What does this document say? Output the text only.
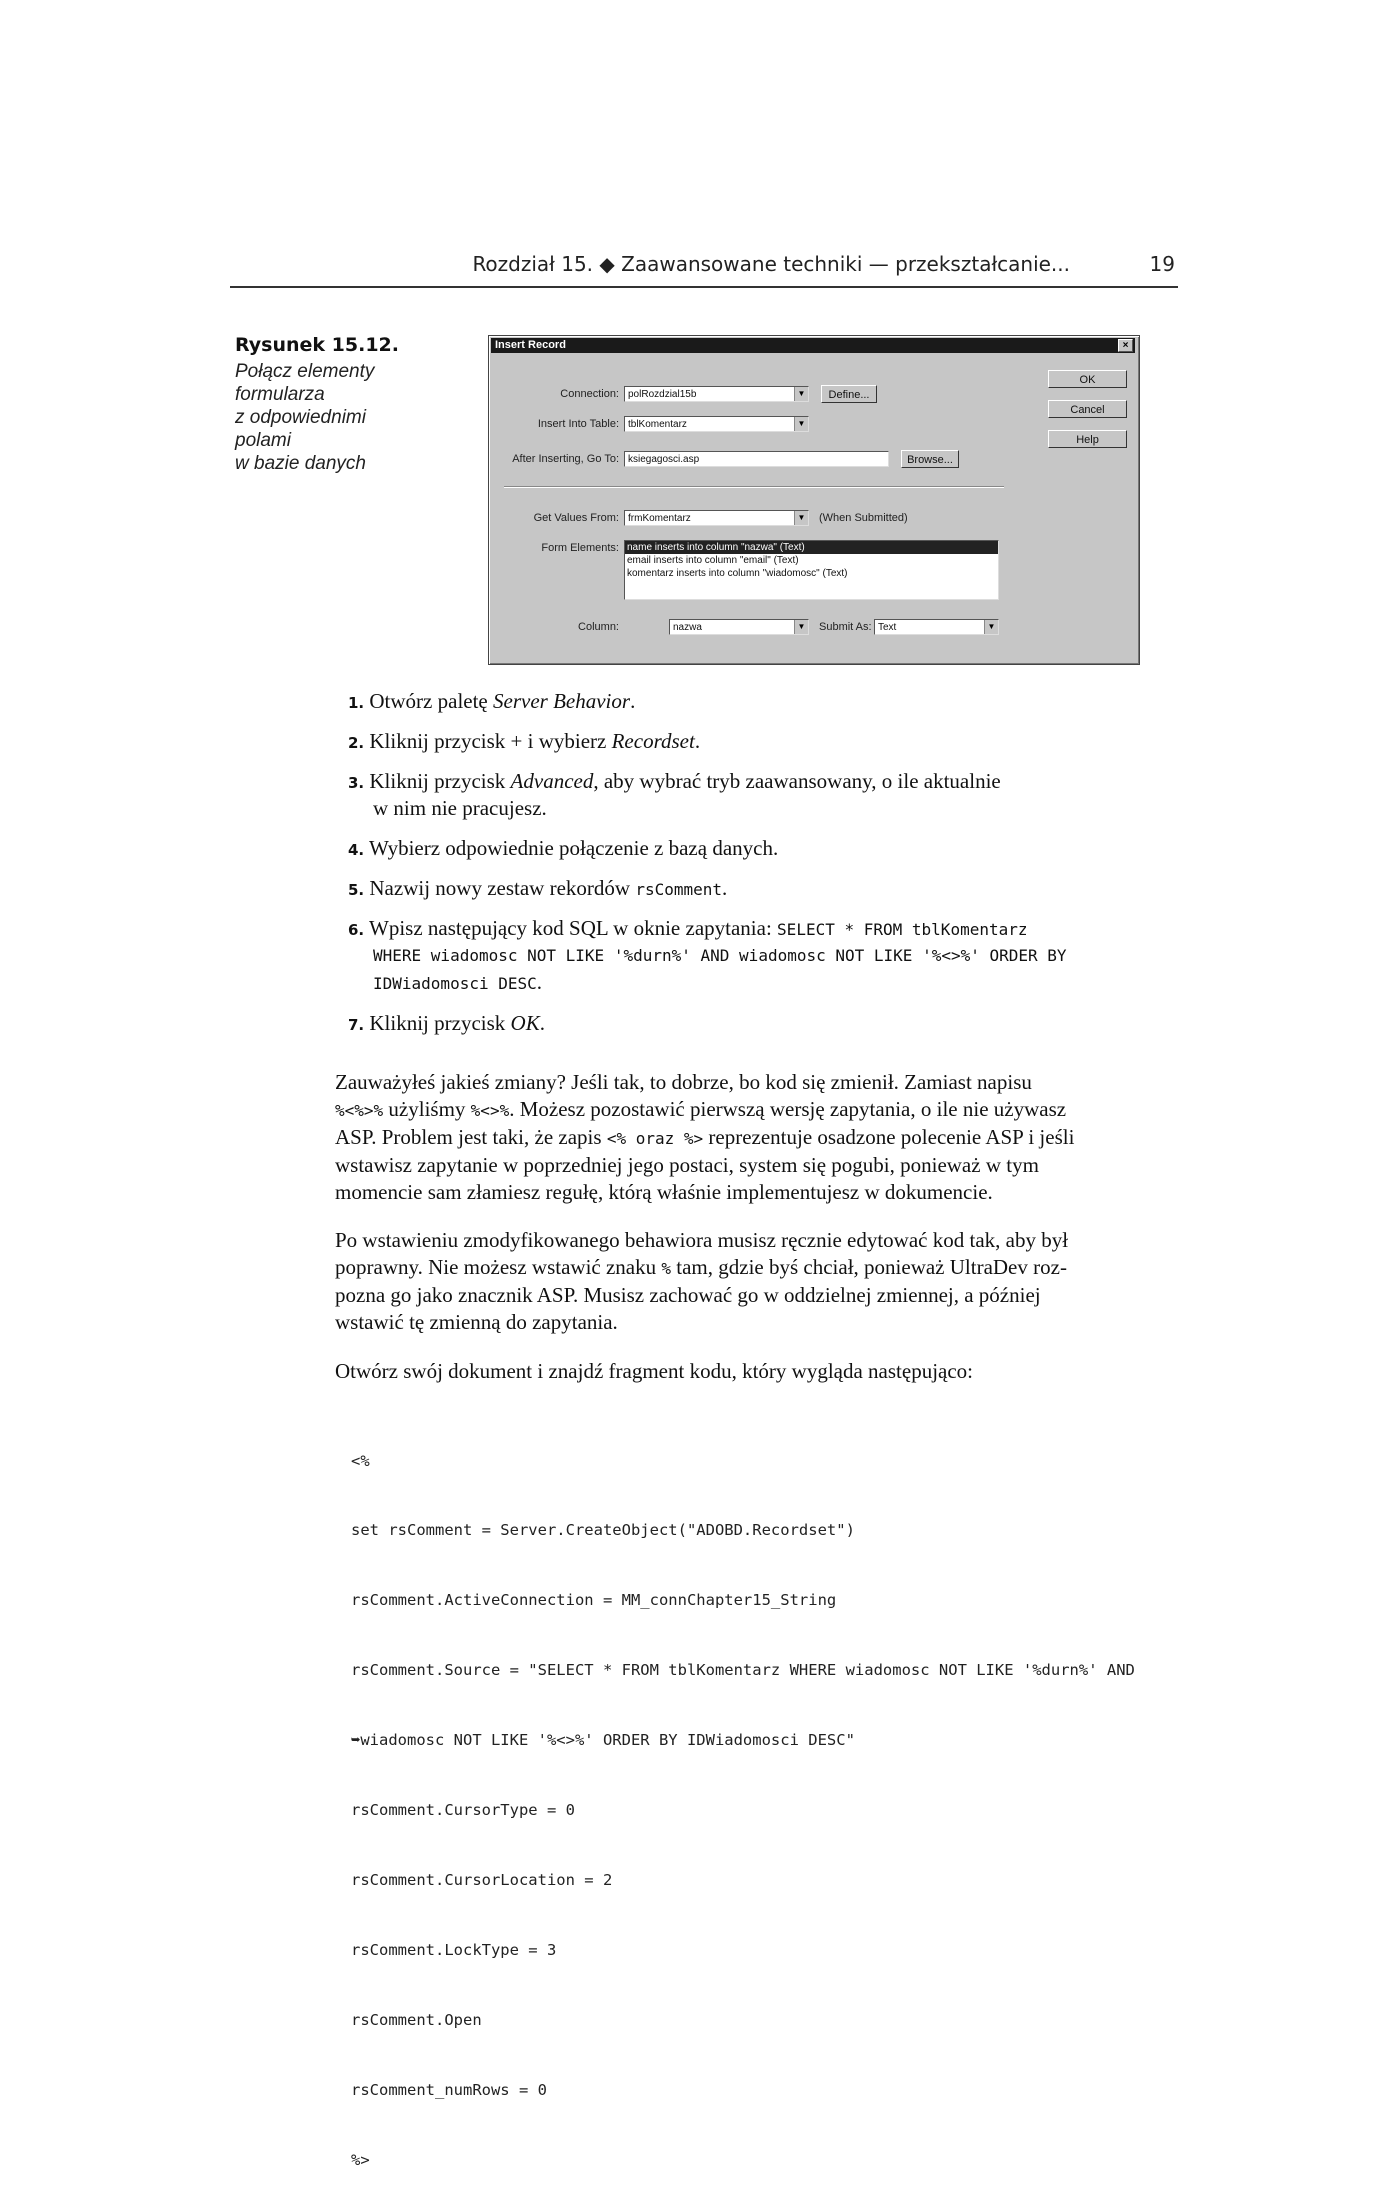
Rozdział 15. ◆ Zaawansowane techniki — przekształcanie...	19
Rysunek 15.12.
Połącz elementy
formularza
z odpowiednimi
polami
w bazie danych
Insert Record	×
Connection: polRozdzial15b	▼	Define...
Insert Into Table: tblKomentarz	▼
After Inserting, Go To: ksiegagosci.asp	Browse...
Get Values From: frmKomentarz	▼ (When Submitted)
Form Elements: name inserts into column "nazwa" (Text)
email inserts into column "email" (Text)
komentarz inserts into column "wiadomosc" (Text)
Column:	nazwa	▼ Submit As: Text	▼
OK
Cancel
Help
1. Otwórz paletę Server Behavior.
2. Kliknij przycisk + i wybierz Recordset.
3. Kliknij przycisk Advanced, aby wybrać tryb zaawansowany, o ile aktualnie
w nim nie pracujesz.
4. Wybierz odpowiednie połączenie z bazą danych.
5. Nazwij nowy zestaw rekordów rsComment.
6. Wpisz następujący kod SQL w oknie zapytania: SELECT * FROM tblKomentarz
WHERE wiadomosc NOT LIKE '%durn%' AND wiadomosc NOT LIKE '%<>%' ORDER BY
IDWiadomosci DESC.
7. Kliknij przycisk OK.
Zauważyłeś jakieś zmiany? Jeśli tak, to dobrze, bo kod się zmienił. Zamiast napisu
%<%>% użyliśmy %<>%. Możesz pozostawić pierwszą wersję zapytania, o ile nie używasz
ASP. Problem jest taki, że zapis <% oraz %> reprezentuje osadzone polecenie ASP i jeśli
wstawisz zapytanie w poprzedniej jego postaci, system się pogubi, ponieważ w tym
momencie sam złamiesz regułę, którą właśnie implementujesz w dokumencie.
Po wstawieniu zmodyfikowanego behawiora musisz ręcznie edytować kod tak, aby był
poprawny. Nie możesz wstawić znaku % tam, gdzie byś chciał, ponieważ UltraDev roz-
pozna go jako znacznik ASP. Musisz zachować go w oddzielnej zmiennej, a później
wstawić tę zmienną do zapytania.
Otwórz swój dokument i znajdź fragment kodu, który wygląda następująco:

<%

set rsComment = Server.CreateObject("ADOBD.Recordset")

rsComment.ActiveConnection = MM_connChapter15_String

rsComment.Source = "SELECT * FROM tblKomentarz WHERE wiadomosc NOT LIKE '%durn%' AND

➥wiadomosc NOT LIKE '%<>%' ORDER BY IDWiadomosci DESC"

rsComment.CursorType = 0

rsComment.CursorLocation = 2

rsComment.LockType = 3

rsComment.Open

rsComment_numRows = 0

%>
